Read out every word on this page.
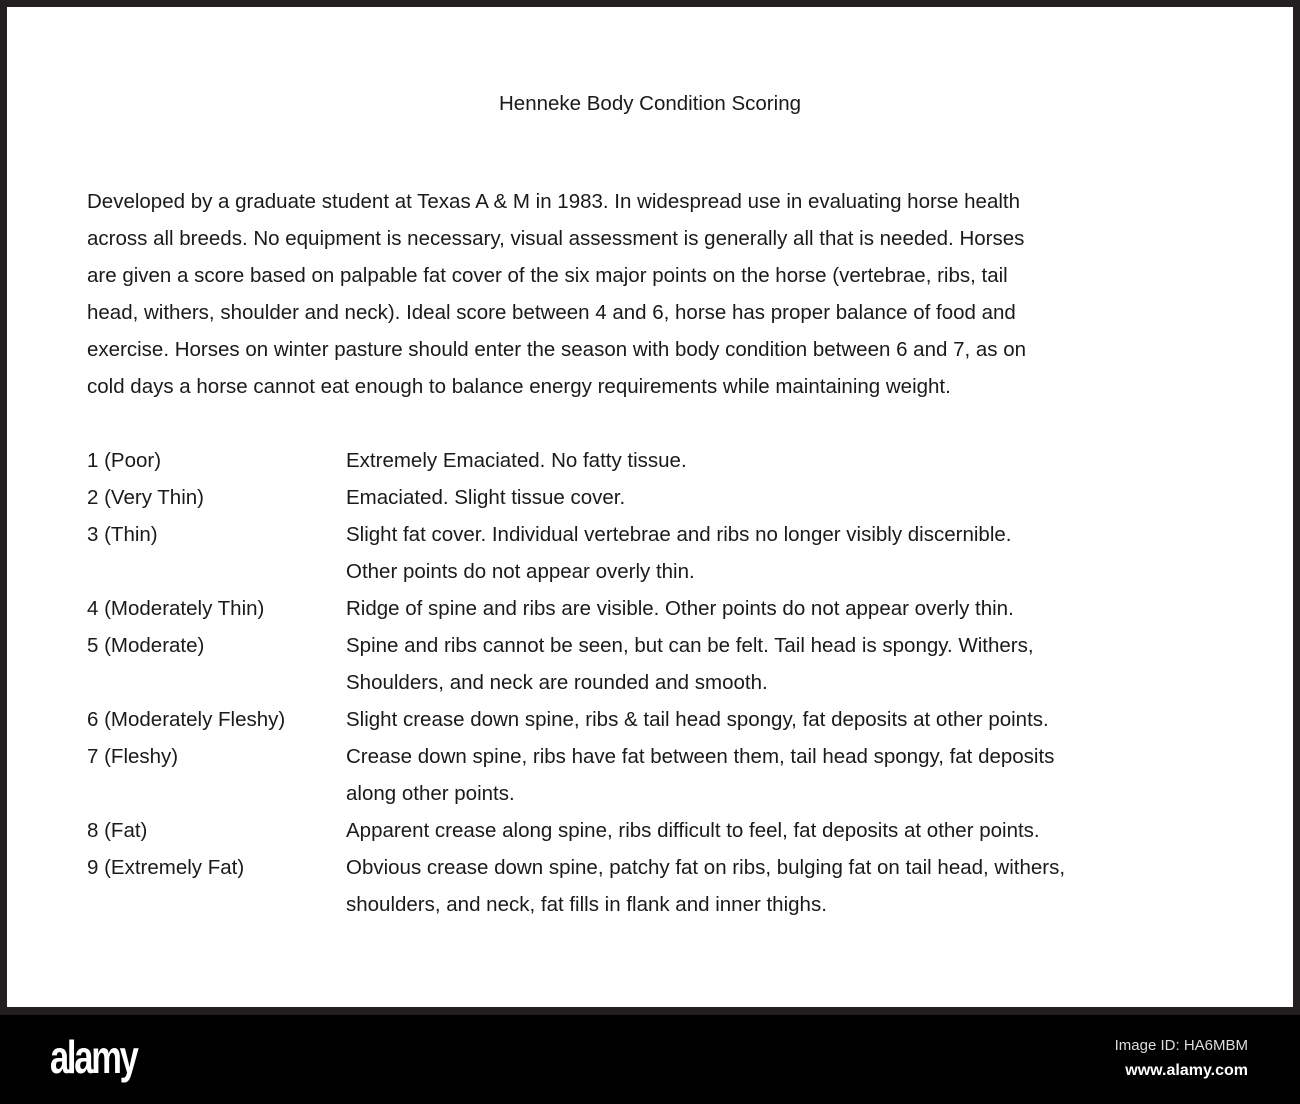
Henneke Body Condition Scoring
Developed by a graduate student at Texas A & M in 1983. In widespread use in evaluating horse health
across all breeds. No equipment is necessary, visual assessment is generally all that is needed. Horses
are given a score based on palpable fat cover of the six major points on the horse (vertebrae, ribs, tail
head, withers, shoulder and neck). Ideal score between 4 and 6, horse has proper balance of food and
exercise. Horses on winter pasture should enter the season with body condition between 6 and 7, as on
cold days a horse cannot eat enough to balance energy requirements while maintaining weight.
1 (Poor)	Extremely Emaciated. No fatty tissue.
2 (Very Thin)	Emaciated. Slight tissue cover.
3 (Thin)	Slight fat cover. Individual vertebrae and ribs no longer visibly discernible.
Other points do not appear overly thin.
4 (Moderately Thin)	Ridge of spine and ribs are visible. Other points do not appear overly thin.
5 (Moderate)	Spine and ribs cannot be seen, but can be felt. Tail head is spongy. Withers,
Shoulders, and neck are rounded and smooth.
6 (Moderately Fleshy)	Slight crease down spine, ribs & tail head spongy, fat deposits at other points.
7 (Fleshy)	Crease down spine, ribs have fat between them, tail head spongy, fat deposits
along other points.
8 (Fat)	Apparent crease along spine, ribs difficult to feel, fat deposits at other points.
9 (Extremely Fat)	Obvious crease down spine, patchy fat on ribs, bulging fat on tail head, withers,
shoulders, and neck, fat fills in flank and inner thighs.
alamy	Image ID: HA6MBM
www.alamy.com
